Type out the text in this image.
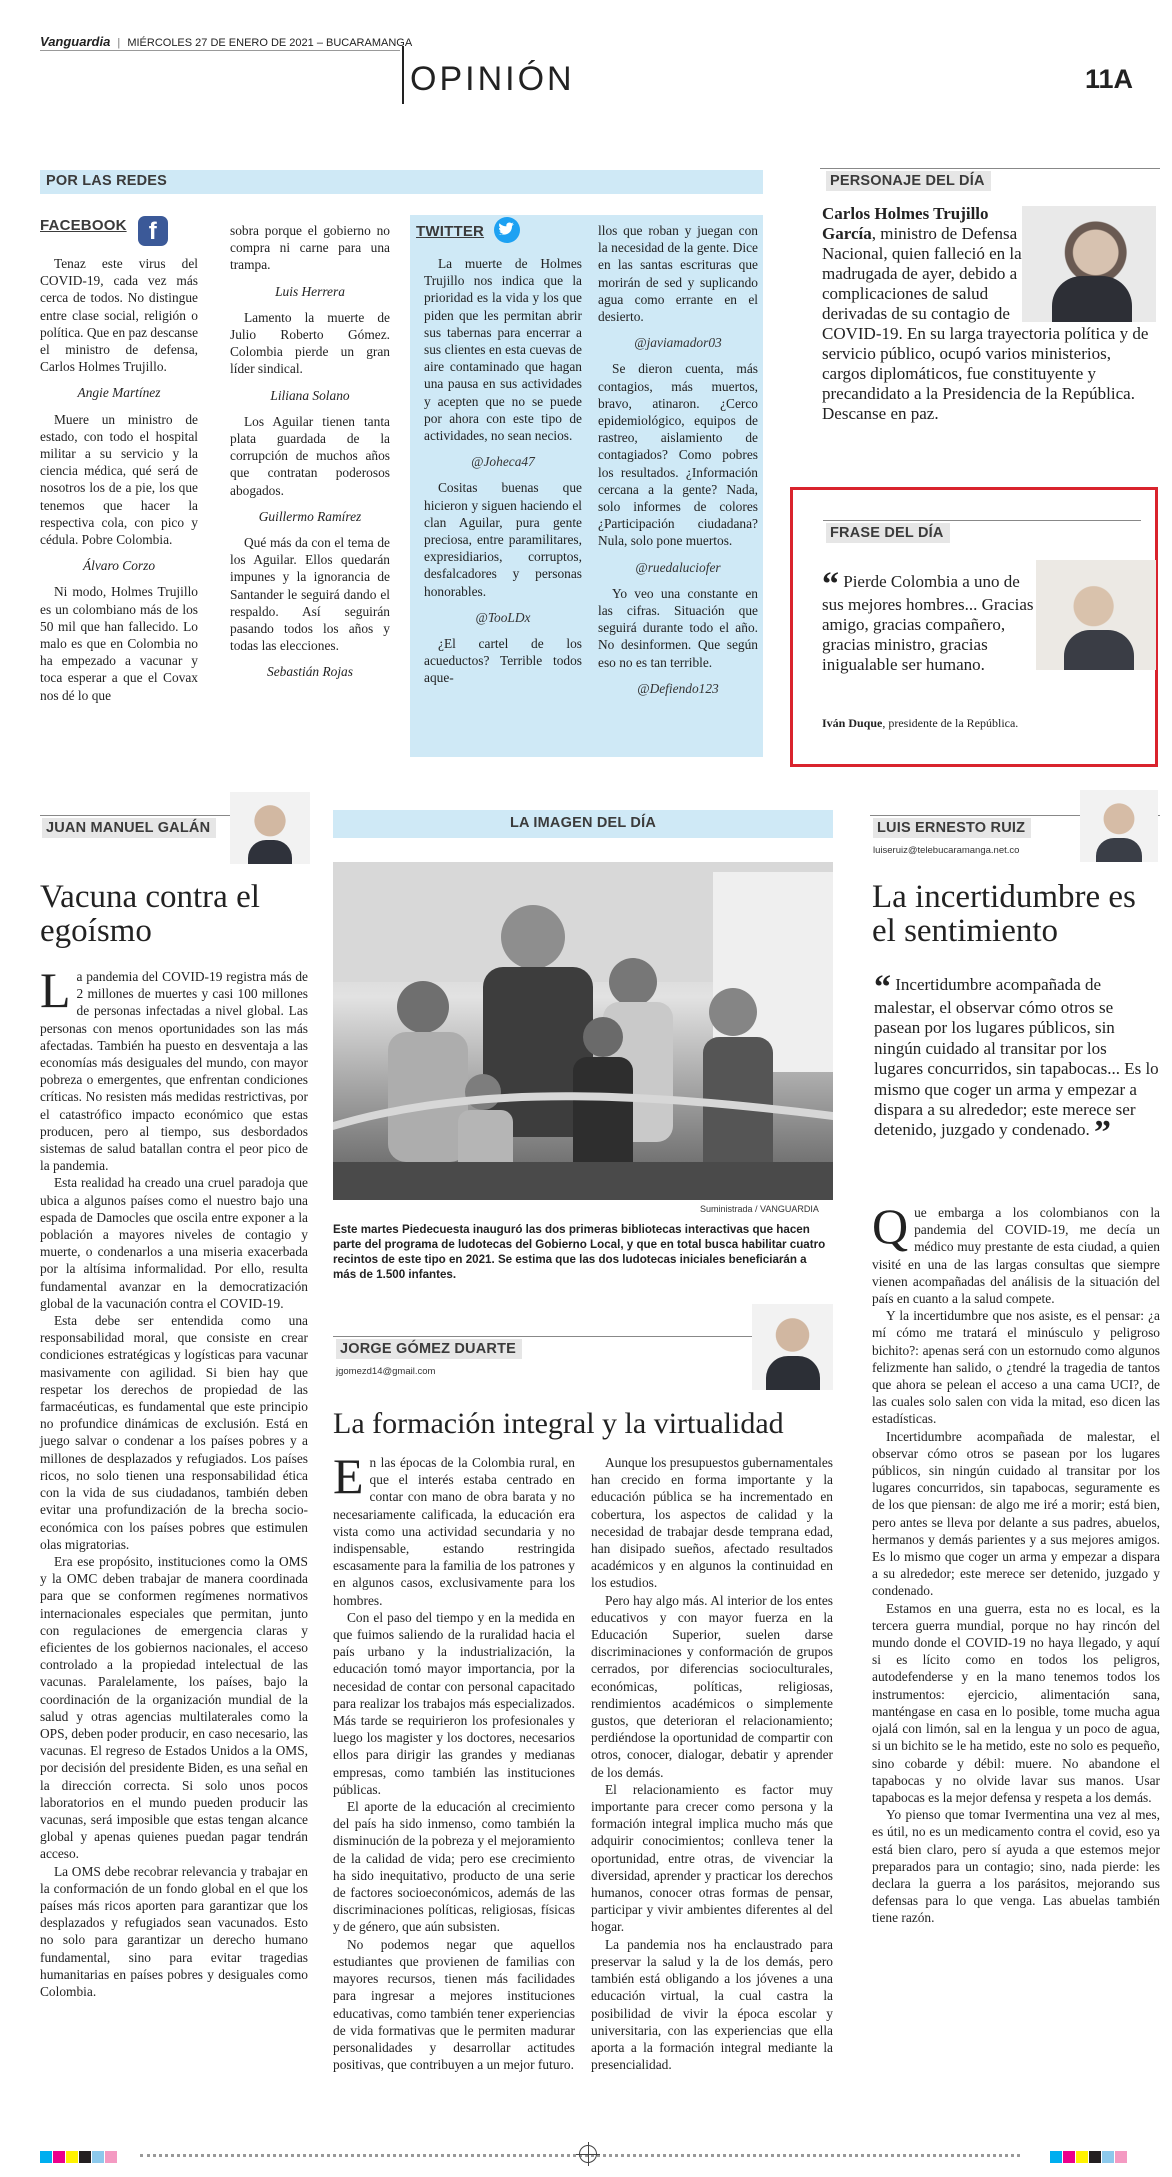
Vanguardia | MIÉRCOLES 27 DE ENERO DE 2021 – BUCARAMANGA
OPINIÓN	11A
POR LAS REDES
FACEBOOK f

Tenaz este virus del COVID-19, cada vez más cerca de todos. No distingue entre clase social, religión o política. Que en paz descanse el ministro de defensa, Carlos Holmes Trujillo.

Angie Martínez

Muere un ministro de estado, con todo el hospital militar a su servicio y la ciencia médica, qué será de nosotros los de a pie, los que tenemos que hacer la respectiva cola, con pico y cédula. Pobre Colombia.

Álvaro Corzo

Ni modo, Holmes Trujillo es un colombiano más de los 50 mil que han fallecido. Lo malo es que en Colombia no ha empezado a vacunar y toca esperar a que el Covax nos dé lo que

sobra porque el gobierno no compra ni carne para una trampa.

Luis Herrera

Lamento la muerte de Julio Roberto Gómez. Colombia pierde un gran líder sindical.

Liliana Solano

Los Aguilar tienen tanta plata guardada de la corrupción de muchos años que contratan poderosos abogados.

Guillermo Ramírez

Qué más da con el tema de los Aguilar. Ellos quedarán impunes y la ignorancia de Santander le seguirá dando el respaldo. Así seguirán pasando todos los años y todas las elecciones.

Sebastián Rojas

TWITTER

La muerte de Holmes Trujillo nos indica que la prioridad es la vida y los que piden que les permitan abrir sus tabernas para encerrar a sus clientes en esta cuevas de aire contaminado que hagan una pausa en sus actividades y acepten que no se puede por ahora con este tipo de actividades, no sean necios.

@Joheca47

Cositas buenas que hicieron y siguen haciendo el clan Aguilar, pura gente preciosa, entre paramilitares, expresidiarios, corruptos, desfalcadores y personas honorables.

@TooLDx

¿El cartel de los acueductos? Terrible todos aque-

llos que roban y juegan con la necesidad de la gente. Dice en las santas escrituras que morirán de sed y suplicando agua como errante en el desierto.

@javiamador03

Se dieron cuenta, más contagios, más muertos, bravo, atinaron. ¿Cerco epidemiológico, equipos de rastreo, aislamiento de contagiados? Como pobres los resultados. ¿Información cercana a la gente? Nada, solo informes de colores ¿Participación ciudadana? Nula, solo pone muertos.

@ruedaluciofer

Yo veo una constante en las cifras. Situación que seguirá durante todo el año. No desinformen. Que según eso no es tan terrible.

@Defiendo123

PERSONAJE DEL DÍA
Carlos Holmes Trujillo García, ministro de Defensa Nacional, quien falleció en la madrugada de ayer, debido a complicaciones de salud derivadas de su contagio de COVID-19. En su larga trayectoria política y de servicio público, ocupó varios ministerios, cargos diplomáticos, fue constituyente y precandidato a la Presidencia de la República. Descanse en paz.
FRASE DEL DÍA
“ Pierde Colombia a uno de sus mejores hombres... Gracias amigo, gracias compañero, gracias ministro, gracias inigualable ser humano.
Iván Duque, presidente de la República.
JUAN MANUEL GALÁN
Vacuna contra el egoísmo

La pandemia del COVID-19 registra más de 2 millones de muertes y casi 100 millones de personas infectadas a nivel global. Las personas con menos oportunidades son las más afectadas. También ha puesto en desventaja a las economías más desiguales del mundo, con mayor pobreza o emergentes, que enfrentan condiciones críticas. No resisten más medidas restrictivas, por el catastrófico impacto económico que estas producen, pero al tiempo, sus desbordados sistemas de salud batallan contra el peor pico de la pandemia.

Esta realidad ha creado una cruel paradoja que ubica a algunos países como el nuestro bajo una espada de Damocles que oscila entre exponer a la población a mayores niveles de contagio y muerte, o condenarlos a una miseria exacerbada por la altísima informalidad. Por ello, resulta fundamental avanzar en la democratización global de la vacunación contra el COVID-19.

Esta debe ser entendida como una responsabilidad moral, que consiste en crear condiciones estratégicas y logísticas para vacunar masivamente con agilidad. Si bien hay que respetar los derechos de propiedad de las farmacéuticas, es fundamental que este principio no profundice dinámicas de exclusión. Está en juego salvar o condenar a los países pobres y a millones de desplazados y refugiados. Los países ricos, no solo tienen una responsabilidad ética con la vida de sus ciudadanos, también deben evitar una profundización de la brecha socio-económica con los países pobres que estimulen olas migratorias.

Era ese propósito, instituciones como la OMS y la OMC deben trabajar de manera coordinada para que se conformen regímenes normativos internacionales especiales que permitan, junto con regulaciones de emergencia claras y eficientes de los gobiernos nacionales, el acceso controlado a la propiedad intelectual de las vacunas. Paralelamente, los países, bajo la coordinación de la organización mundial de la salud y otras agencias multilaterales como la OPS, deben poder producir, en caso necesario, las vacunas. El regreso de Estados Unidos a la OMS, por decisión del presidente Biden, es una señal en la dirección correcta. Si solo unos pocos laboratorios en el mundo pueden producir las vacunas, será imposible que estas tengan alcance global y apenas quienes puedan pagar tendrán acceso.

La OMS debe recobrar relevancia y trabajar en la conformación de un fondo global en el que los países más ricos aporten para garantizar que los desplazados y refugiados sean vacunados. Esto no solo para garantizar un derecho humano fundamental, sino para evitar tragedias humanitarias en países pobres y desiguales como Colombia.

LA IMAGEN DEL DÍA
Suministrada / VANGUARDIA
Este martes Piedecuesta inauguró las dos primeras bibliotecas interactivas que hacen parte del programa de ludotecas del Gobierno Local, y que en total busca habilitar cuatro recintos de este tipo en 2021. Se estima que las dos ludotecas iniciales beneficiarán a más de 1.500 infantes.
JORGE GÓMEZ DUARTE
jgomezd14@gmail.com
La formación integral y la virtualidad

En las épocas de la Colombia rural, en que el interés estaba centrado en contar con mano de obra barata y no necesariamente calificada, la educación era vista como una actividad secundaria y no indispensable, estando restringida escasamente para la familia de los patrones y en algunos casos, exclusivamente para los hombres.

Con el paso del tiempo y en la medida en que fuimos saliendo de la ruralidad hacia el país urbano y la industrialización, la educación tomó mayor importancia, por la necesidad de contar con personal capacitado para realizar los trabajos más especializados. Más tarde se requirieron los profesionales y luego los magister y los doctores, necesarios ellos para dirigir las grandes y medianas empresas, como también las instituciones públicas.

El aporte de la educación al crecimiento del país ha sido inmenso, como también la disminución de la pobreza y el mejoramiento de la calidad de vida; pero ese crecimiento ha sido inequitativo, producto de una serie de factores socioeconómicos, además de las discriminaciones políticas, religiosas, físicas y de género, que aún subsisten.

No podemos negar que aquellos estudiantes que provienen de familias con mayores recursos, tienen más facilidades para ingresar a mejores instituciones educativas, como también tener experiencias de vida formativas que le permiten madurar personalidades y desarrollar actitudes positivas, que contribuyen a un mejor futuro.

Aunque los presupuestos gubernamentales han crecido en forma importante y la educación pública se ha incrementado en cobertura, los aspectos de calidad y la necesidad de trabajar desde temprana edad, han disipado sueños, afectado resultados académicos y en algunos la continuidad en los estudios.

Pero hay algo más. Al interior de los entes educativos y con mayor fuerza en la Educación Superior, suelen darse discriminaciones y conformación de grupos cerrados, por diferencias socioculturales, económicas, políticas, religiosas, rendimientos académicos o simplemente gustos, que deterioran el relacionamiento; perdiéndose la oportunidad de compartir con otros, conocer, dialogar, debatir y aprender de los demás.

El relacionamiento es factor muy importante para crecer como persona y la formación integral implica mucho más que adquirir conocimientos; conlleva tener la oportunidad, entre otras, de vivenciar la diversidad, aprender y practicar los derechos humanos, conocer otras formas de pensar, participar y vivir ambientes diferentes al del hogar.

La pandemia nos ha enclaustrado para preservar la salud y la de los demás, pero también está obligando a los jóvenes a una educación virtual, la cual castra la posibilidad de vivir la época escolar y universitaria, con las experiencias que ella aporta a la formación integral mediante la presencialidad.

LUIS ERNESTO RUIZ
luiseruiz@telebucaramanga.net.co
La incertidumbre es el sentimiento
“ Incertidumbre acompañada de malestar, el observar cómo otros se pasean por los lugares públicos, sin ningún cuidado al transitar por los lugares concurridos, sin tapabocas... Es lo mismo que coger un arma y empezar a dispara a su alrededor; este merece ser detenido, juzgado y condenado. ”

Que embarga a los colombianos con la pandemia del COVID-19, me decía un médico muy prestante de esta ciudad, a quien visité en una de las largas consultas que siempre vienen acompañadas del análisis de la situación del país en cuanto a la salud compete.

Y la incertidumbre que nos asiste, es el pensar: ¿a mí cómo me tratará el minúsculo y peligroso bichito?: apenas será con un estornudo como algunos felizmente han salido, o ¿tendré la tragedia de tantos que ahora se pelean el acceso a una cama UCI?, de las cuales solo salen con vida la mitad, eso dicen las estadísticas.

Incertidumbre acompañada de malestar, el observar cómo otros se pasean por los lugares públicos, sin ningún cuidado al transitar por los lugares concurridos, sin tapabocas, seguramente es de los que piensan: de algo me iré a morir; está bien, pero antes se lleva por delante a sus padres, abuelos, hermanos y demás parientes y a sus mejores amigos. Es lo mismo que coger un arma y empezar a dispara a su alrededor; este merece ser detenido, juzgado y condenado.

Estamos en una guerra, esta no es local, es la tercera guerra mundial, porque no hay rincón del mundo donde el COVID-19 no haya llegado, y aquí si es lícito como en todos los peligros, autodefenderse y en la mano tenemos todos los instrumentos: ejercicio, alimentación sana, manténgase en casa en lo posible, tome mucha agua ojalá con limón, sal en la lengua y un poco de agua, si un bichito se le ha metido, este no solo es pequeño, sino cobarde y débil: muere. No abandone el tapabocas y no olvide lavar sus manos. Usar tapabocas es la mejor defensa y respeta a los demás.

Yo pienso que tomar Ivermentina una vez al mes, es útil, no es un medicamento contra el covid, eso ya está bien claro, pero sí ayuda a que estemos mejor preparados para un contagio; sino, nada pierde: les declara la guerra a los parásitos, mejorando sus defensas para lo que venga. Las abuelas también tiene razón.
